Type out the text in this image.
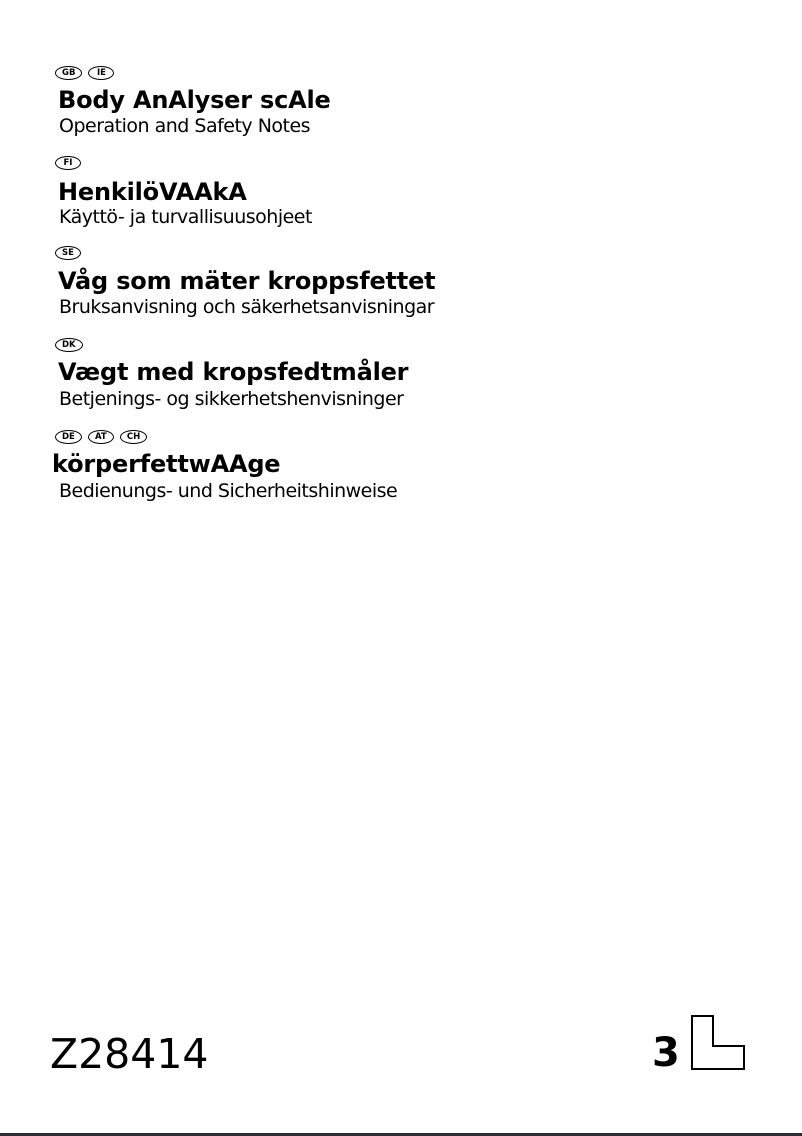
GB	IE
Body AnAlyser scAle
Operation and Safety Notes
FI
HenkilöVAAkA
Käyttö- ja turvallisuusohjeet
SE
Våg som mäter kroppsfettet
Bruksanvisning och säkerhetsanvisningar
DK
Vægt med kropsfedtmåler
Betjenings- og sikkerhetshenvisninger
DE	AT	CH
körperfettwAAge
Bedienungs- und Sicherheitshinweise
Z28414	3
